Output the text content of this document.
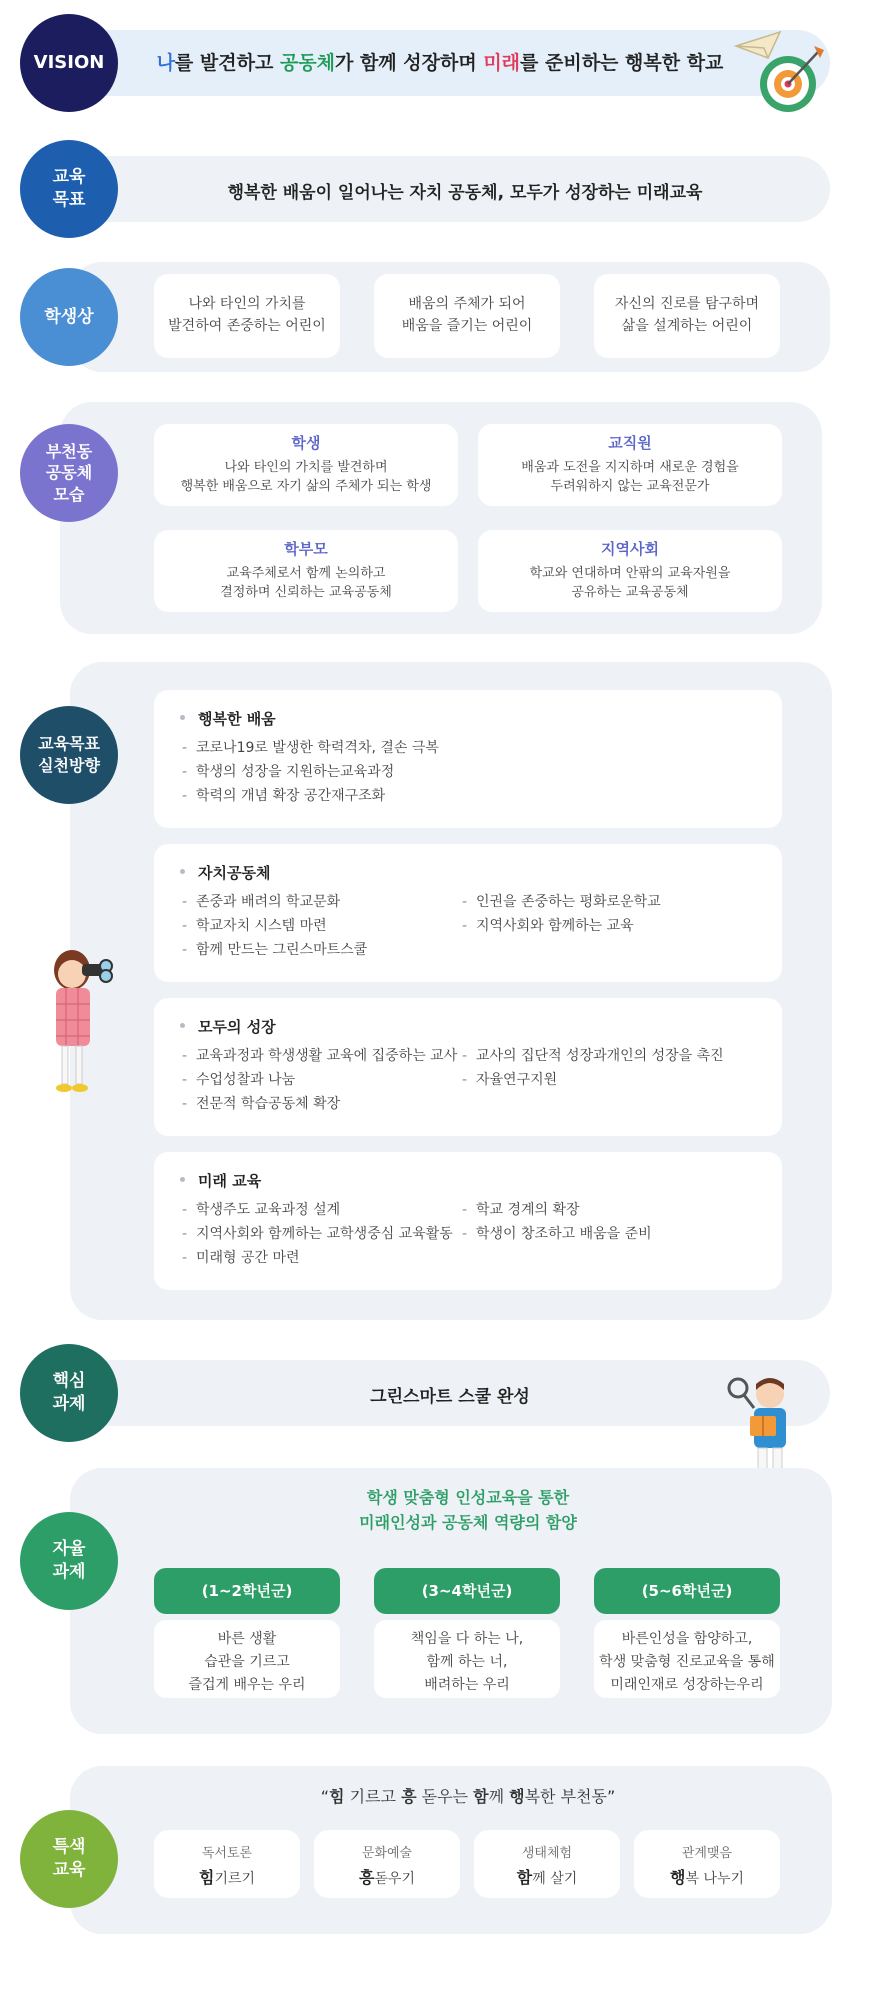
VISION	나를 발견하고 공동체가 함께 성장하며 미래를 준비하는 행복한 학교
교육
목표	행복한 배움이 일어나는 자치 공동체, 모두가 성장하는 미래교육
학생상
나와 타인의 가치를
발견하여 존중하는 어린이
배움의 주체가 되어
배움을 즐기는 어린이
자신의 진로를 탐구하며
삶을 설계하는 어린이
부천동
공동체
모습
학생
나와 타인의 가치를 발견하며
행복한 배움으로 자기 삶의 주체가 되는 학생
교직원
배움과 도전을 지지하며 새로운 경험을
두려워하지 않는 교육전문가
학부모
교육주체로서 함께 논의하고
결정하며 신뢰하는 교육공동체
지역사회
학교와 연대하며 안팎의 교육자원을
공유하는 교육공동체
교육목표
실천방향
행복한 배움
- 코로나19로 발생한 학력격차, 결손 극복
- 학생의 성장을 지원하는교육과정
- 학력의 개념 확장 공간재구조화
자치공동체
- 존중과 배려의 학교문화
- 학교자치 시스템 마련
- 함께 만드는 그린스마트스쿨
- 인권을 존중하는 평화로운학교
- 지역사회와 함께하는 교육
모두의 성장
- 교육과정과 학생생활 교육에 집중하는 교사
- 수업성찰과 나눔
- 전문적 학습공동체 확장
- 교사의 집단적 성장과개인의 성장을 촉진
- 자율연구지원
미래 교육
- 학생주도 교육과정 설계
- 지역사회와 함께하는 교학생중심 교육활동
- 미래형 공간 마련
- 학교 경계의 확장
- 학생이 창조하고 배움을 준비
핵심
과제	그린스마트 스쿨 완성
자율
과제
학생 맞춤형 인성교육을 통한
미래인성과 공동체 역량의 함양
(1~2학년군)
바른 생활
습관을 기르고
즐겁게 배우는 우리
(3~4학년군)
책임을 다 하는 나,
함께 하는 너,
배려하는 우리
(5~6학년군)
바른인성을 함양하고,
학생 맞춤형 진로교육을 통해
미래인재로 성장하는우리
특색
교육
“힘 기르고 흥 돋우는 함께 행복한 부천동”
독서토론
힘기르기
문화예술
흥돋우기
생태체험
함께 살기
관계맺음
행복 나누기
